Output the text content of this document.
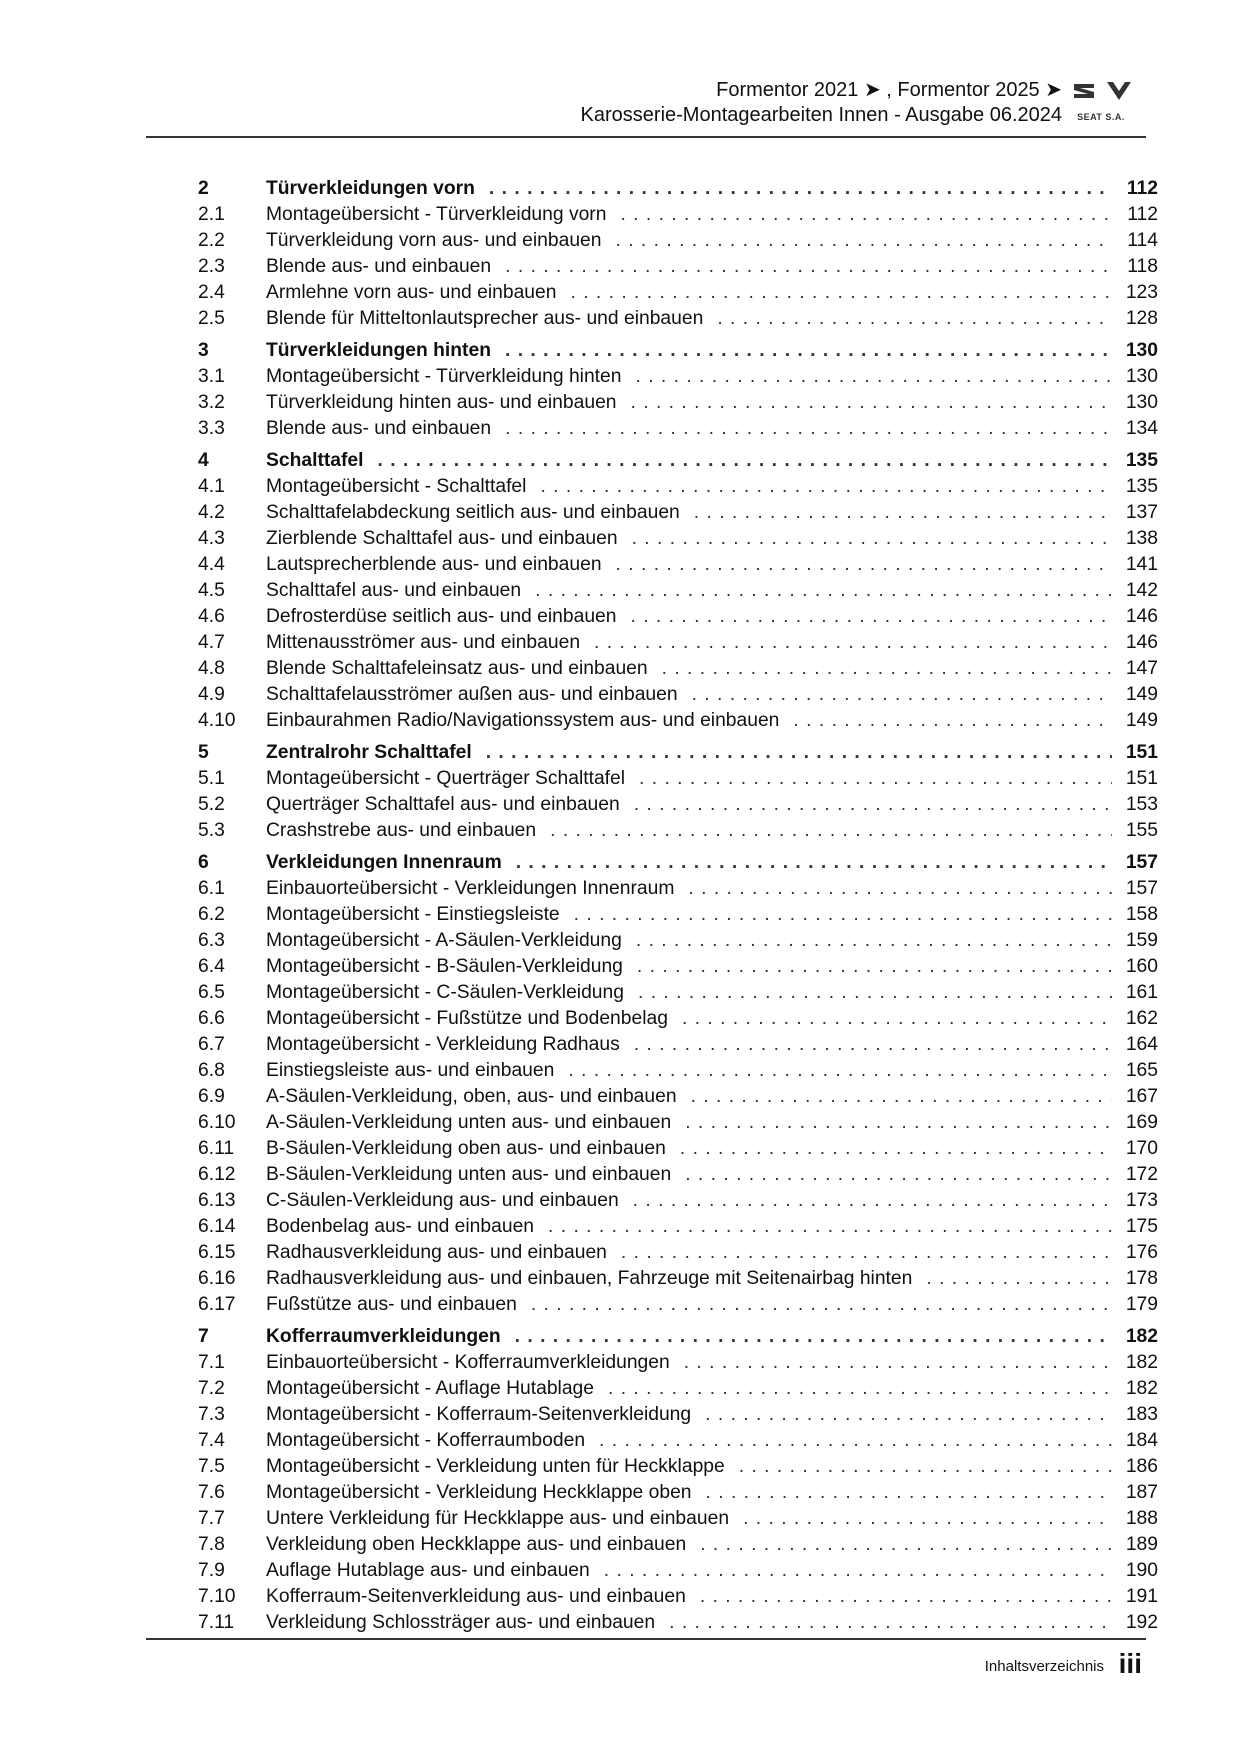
Formentor 2021 ➤ , Formentor 2025 ➤
Karosserie-Montagearbeiten Innen - Ausgabe 06.2024	SEAT S.A.
2	Türverkleidungen vorn . . .	112
2.1	Montageübersicht - Türverkleidung vorn . . .	112
2.2	Türverkleidung vorn aus- und einbauen . . .	114
2.3	Blende aus- und einbauen . . .	118
2.4	Armlehne vorn aus- und einbauen . . .	123
2.5	Blende für Mitteltonlautsprecher aus- und einbauen . . .	128
3	Türverkleidungen hinten . . .	130
3.1	Montageübersicht - Türverkleidung hinten . . .	130
3.2	Türverkleidung hinten aus- und einbauen . . .	130
3.3	Blende aus- und einbauen . . .	134
4	Schalttafel . . .	135
4.1	Montageübersicht - Schalttafel . . .	135
4.2	Schalttafelabdeckung seitlich aus- und einbauen . . .	137
4.3	Zierblende Schalttafel aus- und einbauen . . .	138
4.4	Lautsprecherblende aus- und einbauen . . .	141
4.5	Schalttafel aus- und einbauen . . .	142
4.6	Defrosterdüse seitlich aus- und einbauen . . .	146
4.7	Mittenausströmer aus- und einbauen . . .	146
4.8	Blende Schalttafeleinsatz aus- und einbauen . . .	147
4.9	Schalttafelausströmer außen aus- und einbauen . . .	149
4.10	Einbaurahmen Radio/Navigationssystem aus- und einbauen . . .	149
5	Zentralrohr Schalttafel . . .	151
5.1	Montageübersicht - Querträger Schalttafel . . .	151
5.2	Querträger Schalttafel aus- und einbauen . . .	153
5.3	Crashstrebe aus- und einbauen . . .	155
6	Verkleidungen Innenraum . . .	157
6.1	Einbauorteübersicht - Verkleidungen Innenraum . . .	157
6.2	Montageübersicht - Einstiegsleiste . . .	158
6.3	Montageübersicht - A-Säulen-Verkleidung . . .	159
6.4	Montageübersicht - B-Säulen-Verkleidung . . .	160
6.5	Montageübersicht - C-Säulen-Verkleidung . . .	161
6.6	Montageübersicht - Fußstütze und Bodenbelag . . .	162
6.7	Montageübersicht - Verkleidung Radhaus . . .	164
6.8	Einstiegsleiste aus- und einbauen . . .	165
6.9	A-Säulen-Verkleidung, oben, aus- und einbauen . . .	167
6.10	A-Säulen-Verkleidung unten aus- und einbauen . . .	169
6.11	B-Säulen-Verkleidung oben aus- und einbauen . . .	170
6.12	B-Säulen-Verkleidung unten aus- und einbauen . . .	172
6.13	C-Säulen-Verkleidung aus- und einbauen . . .	173
6.14	Bodenbelag aus- und einbauen . . .	175
6.15	Radhausverkleidung aus- und einbauen . . .	176
6.16	Radhausverkleidung aus- und einbauen, Fahrzeuge mit Seitenairbag hinten . . .	178
6.17	Fußstütze aus- und einbauen . . .	179
7	Kofferraumverkleidungen . . .	182
7.1	Einbauorteübersicht - Kofferraumverkleidungen . . .	182
7.2	Montageübersicht - Auflage Hutablage . . .	182
7.3	Montageübersicht - Kofferraum-Seitenverkleidung . . .	183
7.4	Montageübersicht - Kofferraumboden . . .	184
7.5	Montageübersicht - Verkleidung unten für Heckklappe . . .	186
7.6	Montageübersicht - Verkleidung Heckklappe oben . . .	187
7.7	Untere Verkleidung für Heckklappe aus- und einbauen . . .	188
7.8	Verkleidung oben Heckklappe aus- und einbauen . . .	189
7.9	Auflage Hutablage aus- und einbauen . . .	190
7.10	Kofferraum-Seitenverkleidung aus- und einbauen . . .	191
7.11	Verkleidung Schlossträger aus- und einbauen . . .	192
Inhaltsverzeichnis iii
